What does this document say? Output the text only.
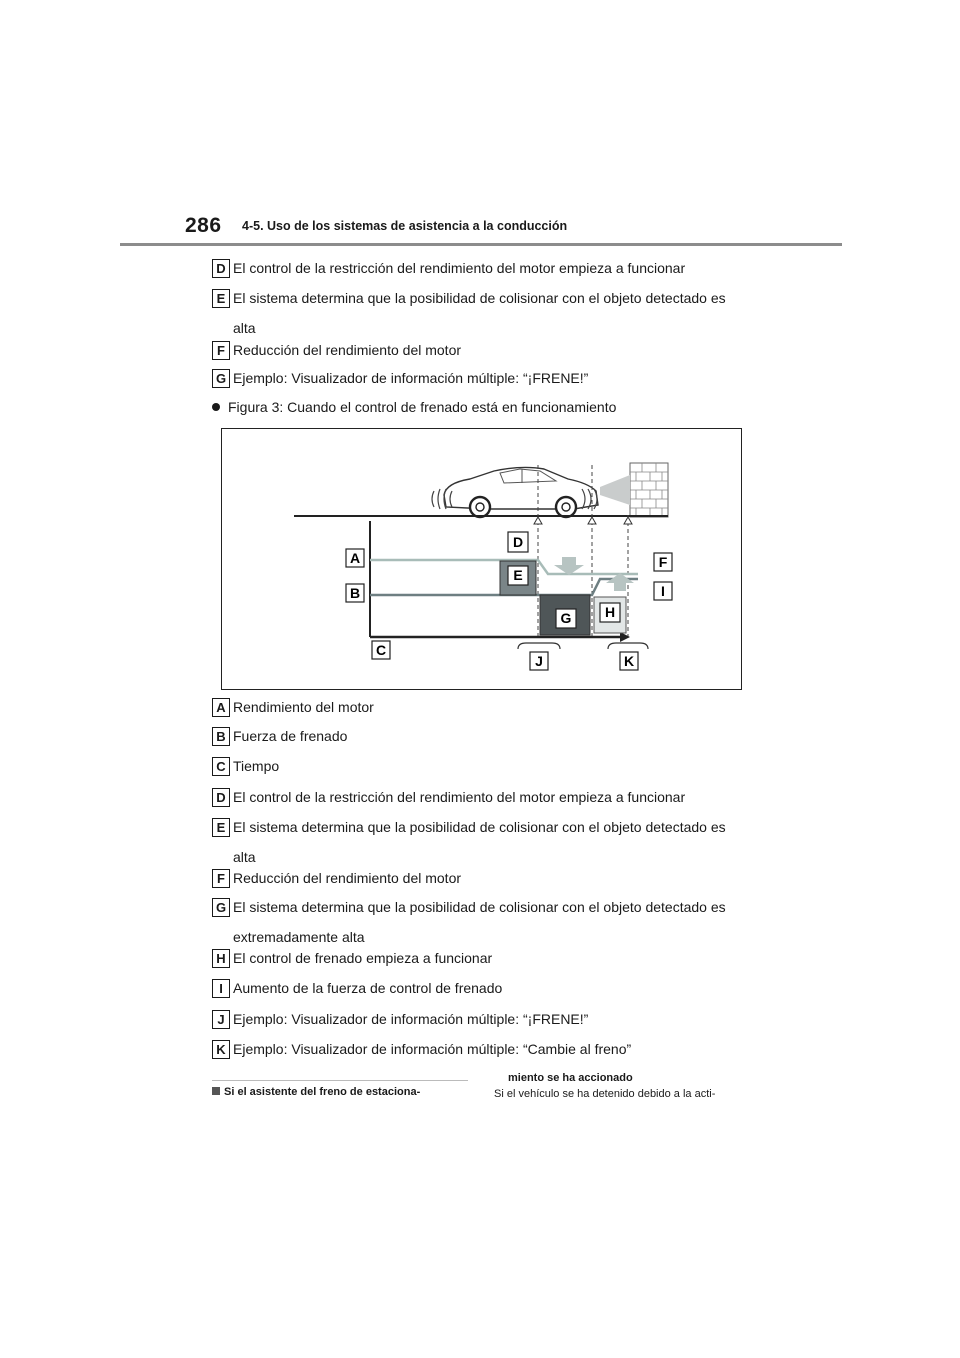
286 4-5. Uso de los sistemas de asistencia a la conducción
D El control de la restricción del rendimiento del motor empieza a funcionar
E El sistema determina que la posibilidad de colisionar con el objeto detectado es
alta
F Reducción del rendimiento del motor
G Ejemplo: Visualizador de información múltiple: “¡FRENE!”
Figura 3: Cuando el control de frenado está en funcionamiento
A
B
C
D
E
F
G H
I
J	K
A Rendimiento del motor
B Fuerza de frenado
C Tiempo
D El control de la restricción del rendimiento del motor empieza a funcionar
E El sistema determina que la posibilidad de colisionar con el objeto detectado es
alta
F Reducción del rendimiento del motor
G El sistema determina que la posibilidad de colisionar con el objeto detectado es
extremadamente alta
H El control de frenado empieza a funcionar
I Aumento de la fuerza de control de frenado
J Ejemplo: Visualizador de información múltiple: “¡FRENE!”
K Ejemplo: Visualizador de información múltiple: “Cambie al freno”
Si el asistente del freno de estaciona-
miento se ha accionado
Si el vehículo se ha detenido debido a la acti-
